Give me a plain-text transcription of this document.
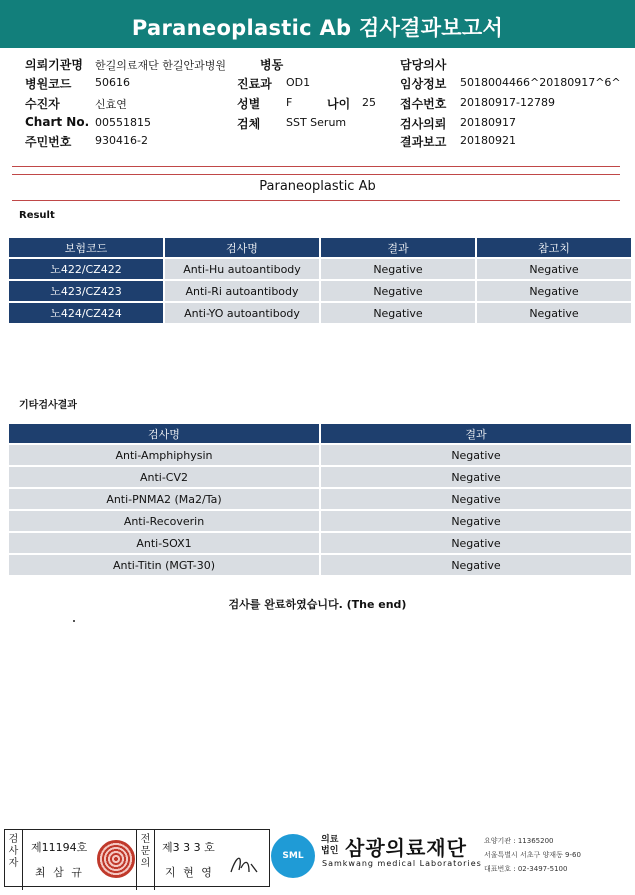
Paraneoplastic Ab 검사결과보고서
의뢰기관명 한길의료재단 한길안과병원	병동	담당의사
병원코드 50616	진료과 OD1	임상정보 5018004466^20180917^6^
수진자	신효연	성별 F	나이 25 접수번호 20180917-12789
Chart No. 00551815	검체 SST Serum	검사의뢰 20180917
주민번호 930416-2	결과보고 20180921
Paraneoplastic Ab
Result
보험코드	검사명	결과	참고치
노422/CZ422	Anti-Hu autoantibody	Negative	Negative
노423/CZ423	Anti-Ri autoantibody	Negative	Negative
노424/CZ424	Anti-YO autoantibody	Negative	Negative
기타검사결과
검사명	결과
Anti-Amphiphysin	Negative
Anti-CV2	Negative
Anti-PNMA2 (Ma2/Ta)	Negative
Anti-Recoverin	Negative
Anti-SOX1	Negative
Anti-Titin (MGT-30)	Negative
검사를 완료하였습니다. (The end)
검사자
제11194호
최 삼 규
전문의
제3 3 3 호
지 현 영
SML
의료
법인 삼광의료재단
Samkwang medical Laboratories
요양기관 : 11365200
서울특별시 서초구 양재동 9-60
대표번호 : 02-3497-5100
